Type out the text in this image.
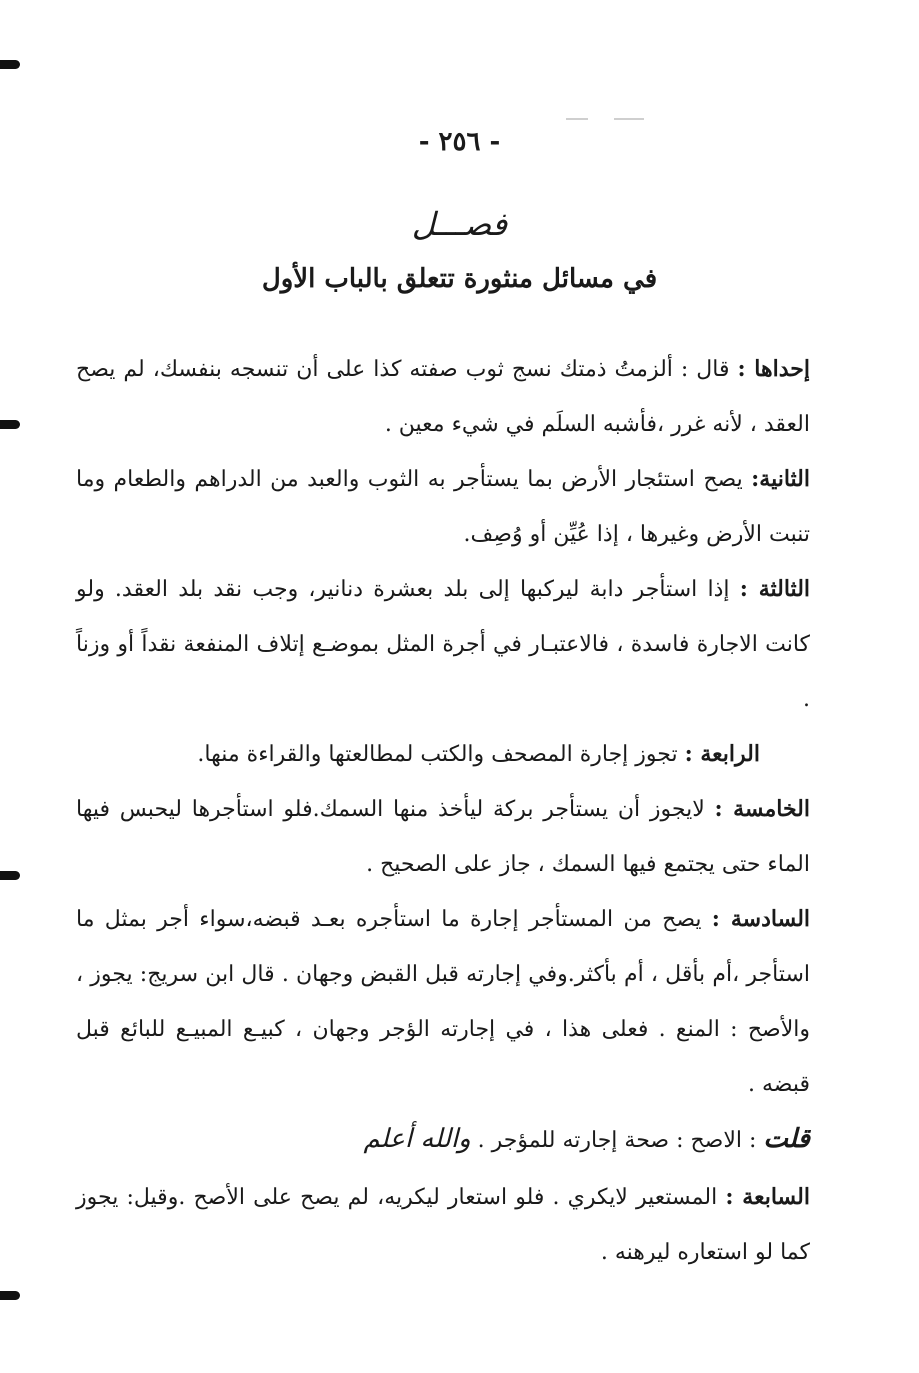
- ٢٥٦ -
فصـــل
في مسائل منثورة تتعلق بالباب الأول

إحداها : قال : ألزمتُ ذمتك نسج ثوب صفته كذا على أن تنسجه بنفسك، لم يصح العقد ، لأنه غرر ،فأشبه السلَم في شيء معين .

الثانية: يصح استئجار الأرض بما يستأجر به الثوب والعبد من الدراهم والطعام وما تنبت الأرض وغيرها ، إذا عُيِّن أو وُصِف.

الثالثة : إذا استأجر دابة ليركبها إلى بلد بعشرة دنانير، وجب نقد بلد العقد. ولو كانت الاجارة فاسدة ، فالاعتبـار في أجرة المثل بموضـع إتلاف المنفعة نقداً أو وزناً .

الرابعة : تجوز إجارة المصحف والكتب لمطالعتها والقراءة منها.

الخامسة : لايجوز أن يستأجر بركة ليأخذ منها السمك.فلو استأجرها ليحبس فيها الماء حتى يجتمع فيها السمك ، جاز على الصحيح .

السادسة : يصح من المستأجر إجارة ما استأجره بعـد قبضه،سواء أجر بمثل ما استأجر ،أم بأقل ، أم بأكثر.وفي إجارته قبل القبض وجهان . قال ابن سريج: يجوز ، والأصح : المنع . فعلى هذا ، في إجارته الؤجر وجهان ، كبيـع المبيـع للبائع قبل قبضه .

قلت : الاصح : صحة إجارته للمؤجر . والله أعلم

السابعة : المستعير لايكري . فلو استعار ليكريه، لم يصح على الأصح .وقيل: يجوز كما لو استعاره ليرهنه .
